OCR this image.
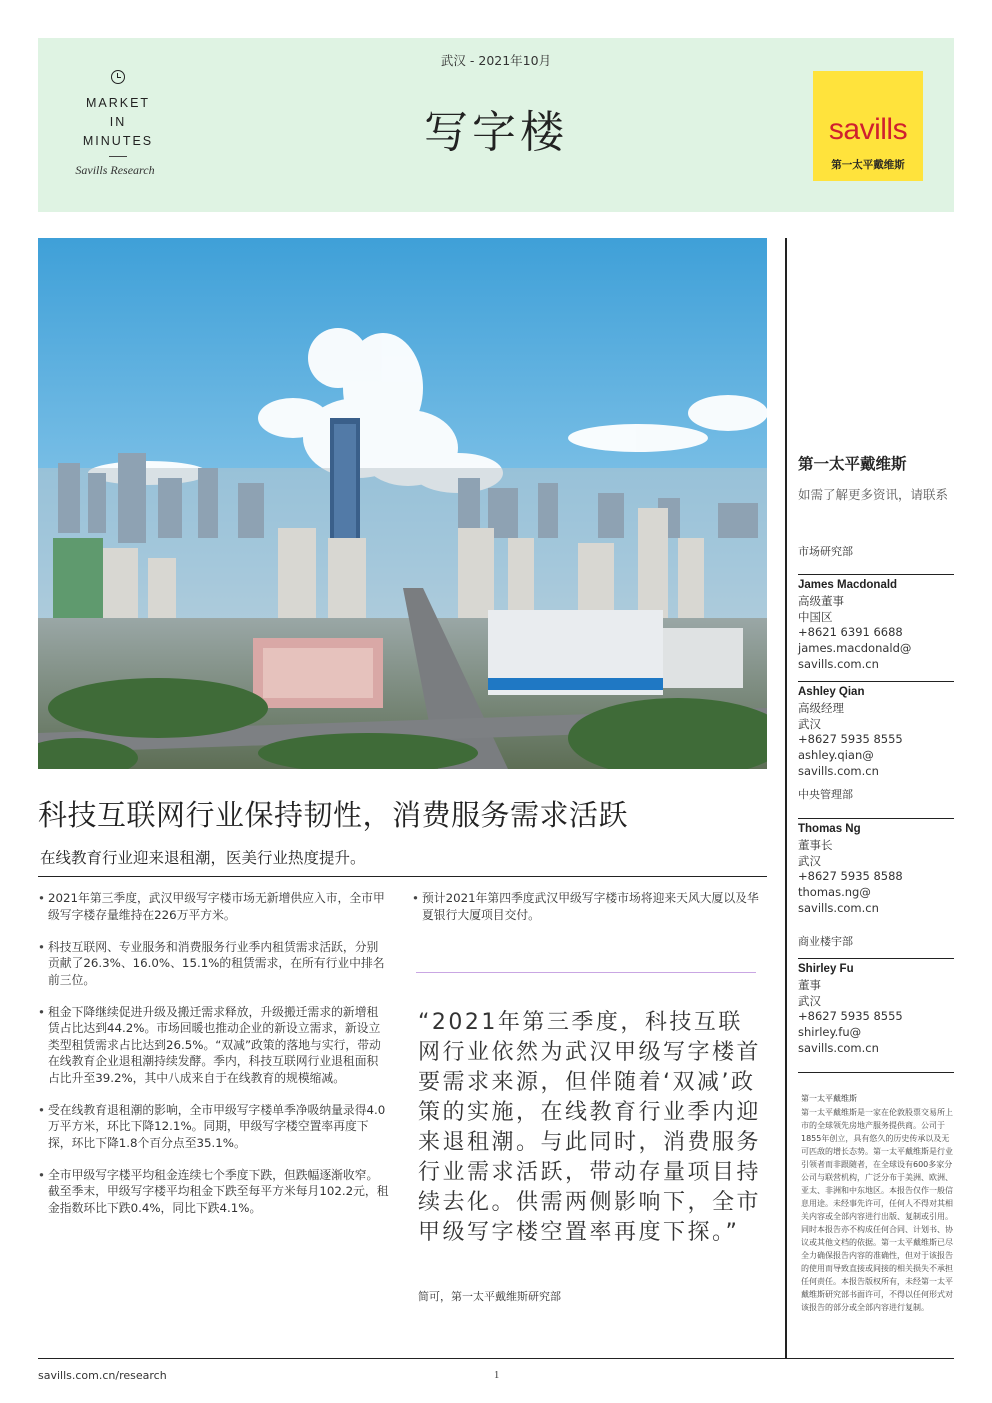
MARKET
IN
MINUTES
Savills Research
武汉 - 2021年10月
写字楼	savills
第一太平戴维斯
第一太平戴维斯
如需了解更多资讯，请联系
市场研究部
James Macdonald
高级董事
中国区
+8621 6391 6688
james.macdonald@
savills.com.cn
Ashley Qian
高级经理
武汉
+8627 5935 8555
ashley.qian@
savills.com.cn
中央管理部
Thomas Ng
董事长
武汉
+8627 5935 8588
thomas.ng@
savills.com.cn
商业楼宇部
Shirley Fu
董事
武汉
+8627 5935 8555
shirley.fu@
savills.com.cn
第一太平戴维斯
第一太平戴维斯是一家在伦敦股票交易所上市的全球领先房地产服务提供商。公司于1855年创立，具有悠久的历史传承以及无可匹敌的增长态势。第一太平戴维斯是行业引领者而非跟随者，在全球设有600多家分公司与联营机构，广泛分布于美洲、欧洲、亚太、非洲和中东地区。本报告仅作一般信息用途。未经事先许可，任何人不得对其相关内容或全部内容进行出版、复制或引用。同时本报告亦不构成任何合同、计划书、协议或其他文档的依据。第一太平戴维斯已尽全力确保报告内容的准确性，但对于该报告的使用而导致直接或间接的相关损失不承担任何责任。本报告版权所有，未经第一太平戴维斯研究部书面许可，不得以任何形式对该报告的部分或全部内容进行复制。
科技互联网行业保持韧性，消费服务需求活跃
在线教育行业迎来退租潮，医美行业热度提升。
• 2021年第三季度，武汉甲级写字楼市场无新增供应入市，全市甲级写字楼存量维持在226万平方米。
• 科技互联网、专业服务和消费服务行业季内租赁需求活跃，分别贡献了26.3%、16.0%、15.1%的租赁需求，在所有行业中排名前三位。
• 租金下降继续促进升级及搬迁需求释放，升级搬迁需求的新增租赁占比达到44.2%。市场回暖也推动企业的新设立需求，新设立类型租赁需求占比达到26.5%。“双减”政策的落地与实行，带动在线教育企业退租潮持续发酵。季内，科技互联网行业退租面积占比升至39.2%，其中八成来自于在线教育的规模缩减。
• 受在线教育退租潮的影响，全市甲级写字楼单季净吸纳量录得4.0万平方米，环比下降12.1%。同期，甲级写字楼空置率再度下探，环比下降1.8个百分点至35.1%。
• 全市甲级写字楼平均租金连续七个季度下跌，但跌幅逐渐收窄。截至季末，甲级写字楼平均租金下跌至每平方米每月102.2元，租金指数环比下跌0.4%，同比下跌4.1%。
• 预计2021年第四季度武汉甲级写字楼市场将迎来天风大厦以及华夏银行大厦项目交付。
“2021年第三季度，科技互联网行业依然为武汉甲级写字楼首要需求来源，但伴随着‘双减’政策的实施，在线教育行业季内迎来退租潮。与此同时，消费服务行业需求活跃，带动存量项目持续去化。供需两侧影响下，全市甲级写字楼空置率再度下探。”
简可，第一太平戴维斯研究部
savills.com.cn/research	1
